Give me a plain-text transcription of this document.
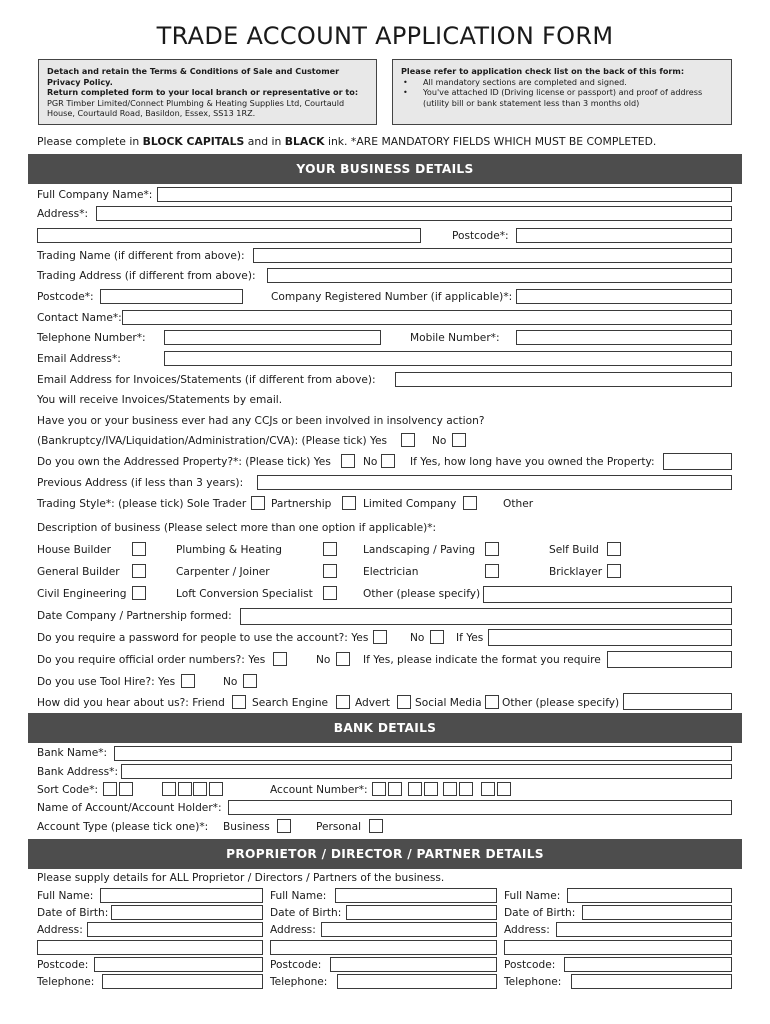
TRADE ACCOUNT APPLICATION FORM
Detach and retain the Terms & Conditions of Sale and Customer
Privacy Policy.
Return completed form to your local branch or representative or to:
PGR Timber Limited/Connect Plumbing & Heating Supplies Ltd, Courtauld
House, Courtauld Road, Basildon, Essex, SS13 1RZ.
Please refer to application check list on the back of this form:
• All mandatory sections are completed and signed.
• You've attached ID (Driving license or passport) and proof of address
(utility bill or bank statement less than 3 months old)
Please complete in BLOCK CAPITALS and in BLACK ink. *ARE MANDATORY FIELDS WHICH MUST BE COMPLETED.
YOUR BUSINESS DETAILS
Full Company Name*:
Address*:
Postcode*:
Trading Name (if different from above):
Trading Address (if different from above):
Postcode*:	Company Registered Number (if applicable)*:
Contact Name*:
Telephone Number*:	Mobile Number*:
Email Address*:
Email Address for Invoices/Statements (if different from above):
You will receive Invoices/Statements by email.
Have you or your business ever had any CCJs or been involved in insolvency action?
(Bankruptcy/IVA/Liquidation/Administration/CVA): (Please tick) Yes	No
Do you own the Addressed Property?*: (Please tick) Yes	No	If Yes, how long have you owned the Property:
Previous Address (if less than 3 years):
Trading Style*: (please tick) Sole Trader Partnership	Limited Company	Other
Description of business (Please select more than one option if applicable)*:
House Builder	Plumbing & Heating	Landscaping / Paving	Self Build
General Builder	Carpenter / Joiner	Electrician	Bricklayer
Civil Engineering	Loft Conversion Specialist	Other (please specify)
Date Company / Partnership formed:
Do you require a password for people to use the account?: Yes	No	If Yes
Do you require official order numbers?: Yes	No	If Yes, please indicate the format you require
Do you use Tool Hire?: Yes	No
How did you hear about us?: Friend	Search Engine	Advert Social Media Other (please specify)
BANK DETAILS
Bank Name*:
Bank Address*:
Sort Code*:	Account Number*:
Name of Account/Account Holder*:
Account Type (please tick one)*: Business	Personal
PROPRIETOR / DIRECTOR / PARTNER DETAILS
Please supply details for ALL Proprietor / Directors / Partners of the business.
Full Name:
Date of Birth:
Address:
Postcode:
Telephone:
Full Name:
Date of Birth:
Address:
Postcode:
Telephone:
Full Name:
Date of Birth:
Address:
Postcode:
Telephone:
